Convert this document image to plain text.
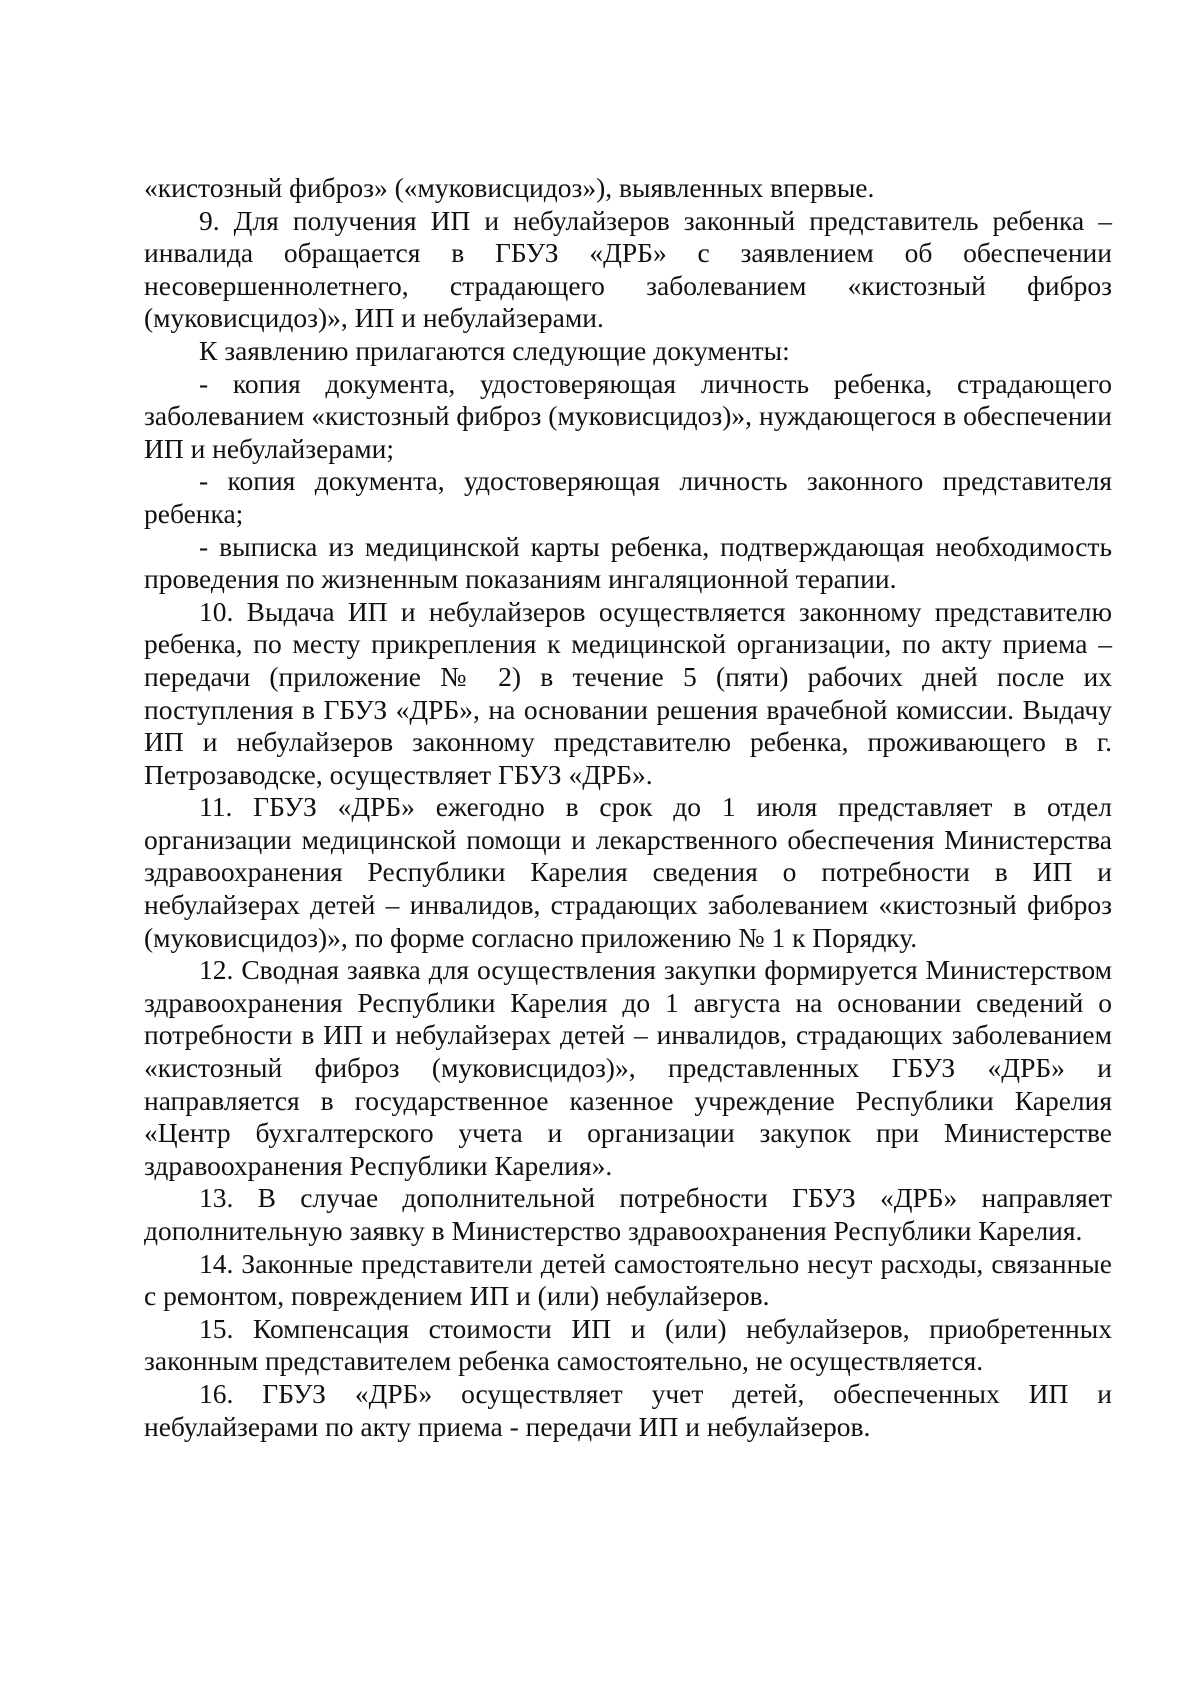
«кистозный фиброз» («муковисцидоз»), выявленных впервые.

9. Для получения ИП и небулайзеров законный представитель ребенка – инвалида обращается в ГБУЗ «ДРБ» с заявлением об обеспечении несовершеннолетнего, страдающего заболеванием «кистозный фиброз (муковисцидоз)», ИП и небулайзерами.

К заявлению прилагаются следующие документы:

- копия документа, удостоверяющая личность ребенка, страдающего заболеванием «кистозный фиброз (муковисцидоз)», нуждающегося в обеспечении ИП и небулайзерами;

- копия документа, удостоверяющая личность законного представителя ребенка;

- выписка из медицинской карты ребенка, подтверждающая необходимость проведения по жизненным показаниям ингаляционной терапии.

10. Выдача ИП и небулайзеров осуществляется законному представителю ребенка, по месту прикрепления к медицинской организации, по акту приема – передачи (приложение № 2) в течение 5 (пяти) рабочих дней после их поступления в ГБУЗ «ДРБ», на основании решения врачебной комиссии. Выдачу ИП и небулайзеров законному представителю ребенка, проживающего в г. Петрозаводске, осуществляет ГБУЗ «ДРБ».

11. ГБУЗ «ДРБ» ежегодно в срок до 1 июля представляет в отдел организации медицинской помощи и лекарственного обеспечения Министерства здравоохранения Республики Карелия сведения о потребности в ИП и небулайзерах детей – инвалидов, страдающих заболеванием «кистозный фиброз (муковисцидоз)», по форме согласно приложению № 1 к Порядку.

12. Сводная заявка для осуществления закупки формируется Министерством здравоохранения Республики Карелия до 1 августа на основании сведений о потребности в ИП и небулайзерах детей – инвалидов, страдающих заболеванием «кистозный фиброз (муковисцидоз)», представленных ГБУЗ «ДРБ» и направляется в государственное казенное учреждение Республики Карелия «Центр бухгалтерского учета и организации закупок при Министерстве здравоохранения Республики Карелия».

13. В случае дополнительной потребности ГБУЗ «ДРБ» направляет дополнительную заявку в Министерство здравоохранения Республики Карелия.

14. Законные представители детей самостоятельно несут расходы, связанные с ремонтом, повреждением ИП и (или) небулайзеров.

15. Компенсация стоимости ИП и (или) небулайзеров, приобретенных законным представителем ребенка самостоятельно, не осуществляется.

16. ГБУЗ «ДРБ» осуществляет учет детей, обеспеченных ИП и небулайзерами по акту приема - передачи ИП и небулайзеров.
